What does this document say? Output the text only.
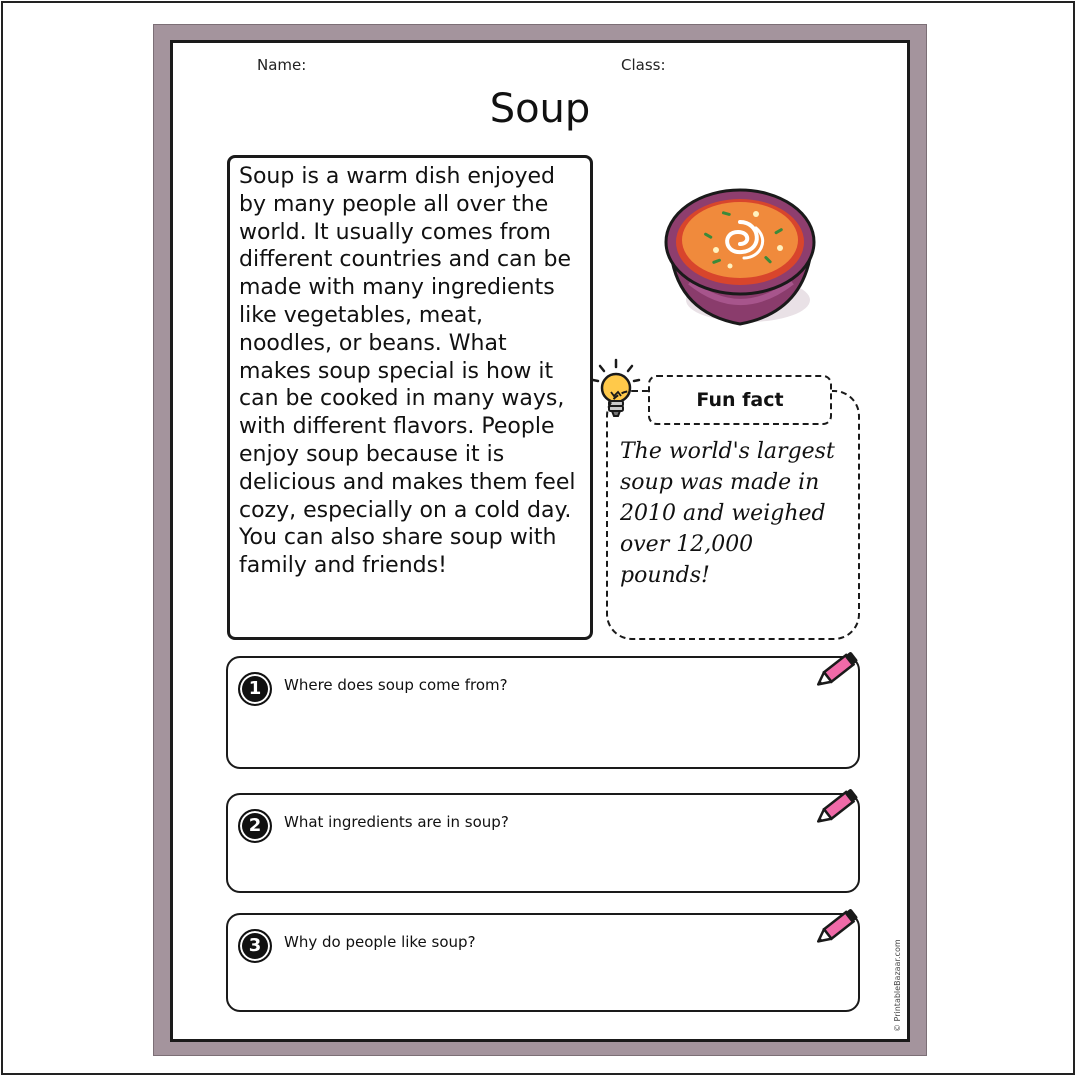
Name:	Class:
Soup
Soup is a warm dish enjoyed by many people all over the world. It usually comes from different countries and can be made with many ingredients like vegetables, meat, noodles, or beans. What makes soup special is how it can be cooked in many ways, with different flavors. People enjoy soup because it is delicious and makes them feel cozy, especially on a cold day. You can also share soup with family and friends!
The world's largest soup was made in 2010 and weighed over 12,000 pounds!
Fun fact
1	Where does soup come from?
2	What ingredients are in soup?
3	Why do people like soup?	© PrintableBazaar.com
